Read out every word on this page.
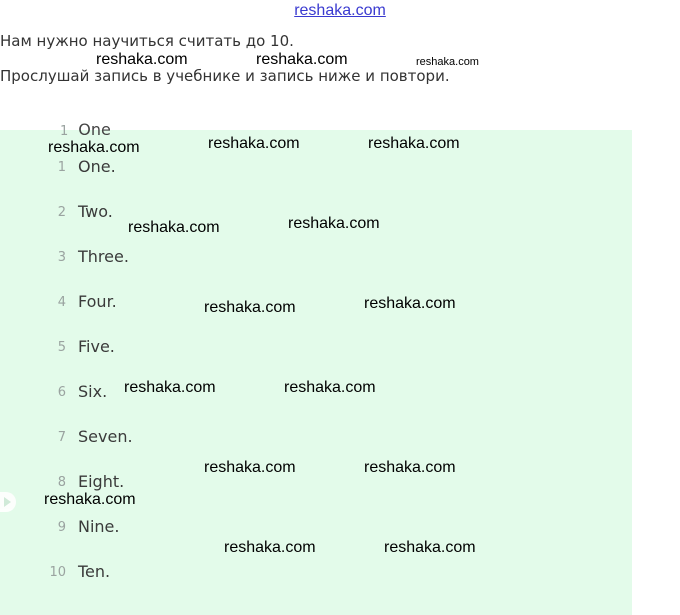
reshaka.com
Нам нужно научиться считать до 10.
Прослушай запись в учебнике и запись ниже и повтори.
1 One
1 One.
2 Two.
3 Three.
4 Four.
5 Five.
6 Six.
7 Seven.
8 Eight.
9 Nine.
10 Ten.
reshaka.com	reshaka.com	reshaka.com
reshaka.com	reshaka.com	reshaka.com
reshaka.com	reshaka.com
reshaka.com	reshaka.com
reshaka.com	reshaka.com
reshaka.com	reshaka.com
reshaka.com
reshaka.com	reshaka.com
